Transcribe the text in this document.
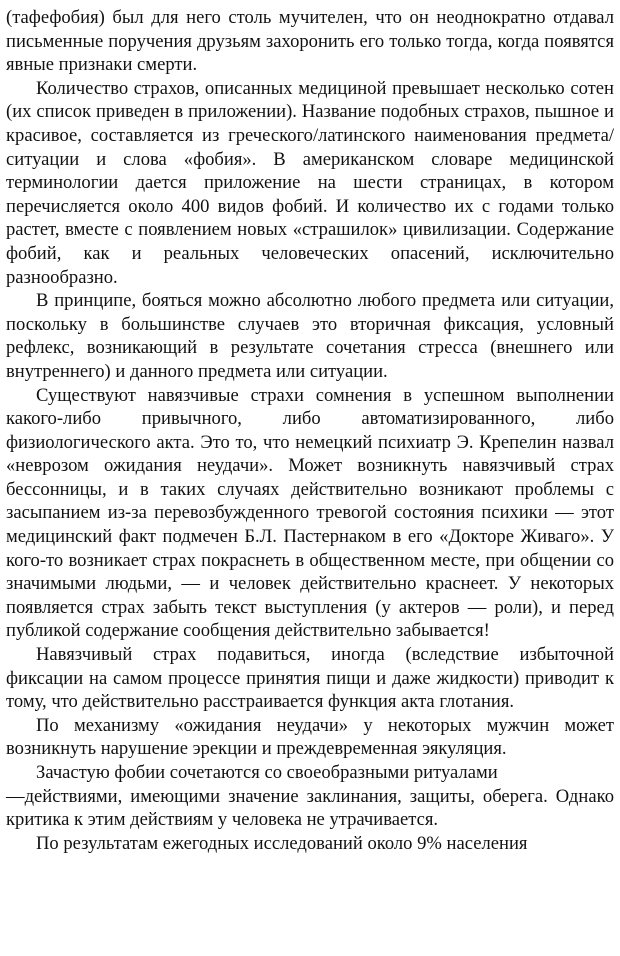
(тафефобия) был для него столь мучителен, что он неоднократно отдавал письменные поручения друзьям захоронить его только тогда, когда появятся явные признаки смерти.

Количество страхов, описанных медициной превышает несколько сотен (их список приведен в приложении). Название подобных страхов, пышное и красивое, составляется из греческого/латинского наименования предмета/ситуации и слова «фобия». В американском словаре медицинской терминологии дается приложение на шести страницах, в котором перечисляется около 400 видов фобий. И количество их с годами только растет, вместе с появлением новых «страшилок» цивилизации. Содержание фобий, как и реальных человеческих опасений, исключительно разнообразно.

В принципе, бояться можно абсолютно любого предмета или ситуации, поскольку в большинстве случаев это вторичная фиксация, условный рефлекс, возникающий в результате сочетания стресса (внешнего или внутреннего) и данного предмета или ситуации.

Существуют навязчивые страхи сомнения в успешном выполнении какого-либо привычного, либо автоматизированного, либо физиологического акта. Это то, что немецкий психиатр Э. Крепелин назвал «неврозом ожидания неудачи». Может возникнуть навязчивый страх бессонницы, и в таких случаях действительно возникают проблемы с засыпанием из-за перевозбужденного тревогой состояния психики — этот медицинский факт подмечен Б.Л. Пастернаком в его «Докторе Живаго». У кого-то возникает страх покраснеть в общественном месте, при общении со значимыми людьми, — и человек действительно краснеет. У некоторых появляется страх забыть текст выступления (у актеров — роли), и перед публикой содержание сообщения действительно забывается!

Навязчивый страх подавиться, иногда (вследствие избыточной фиксации на самом процессе принятия пищи и даже жидкости) приводит к тому, что действительно расстраивается функция акта глотания.

По механизму «ожидания неудачи» у некоторых мужчин может возникнуть нарушение эрекции и преждевременная эякуляция.

Зачастую фобии сочетаются со своеобразными ритуалами

—действиями, имеющими значение заклинания, защиты, оберега. Однако критика к этим действиям у человека не утрачивается.

По результатам ежегодных исследований около 9% населения
